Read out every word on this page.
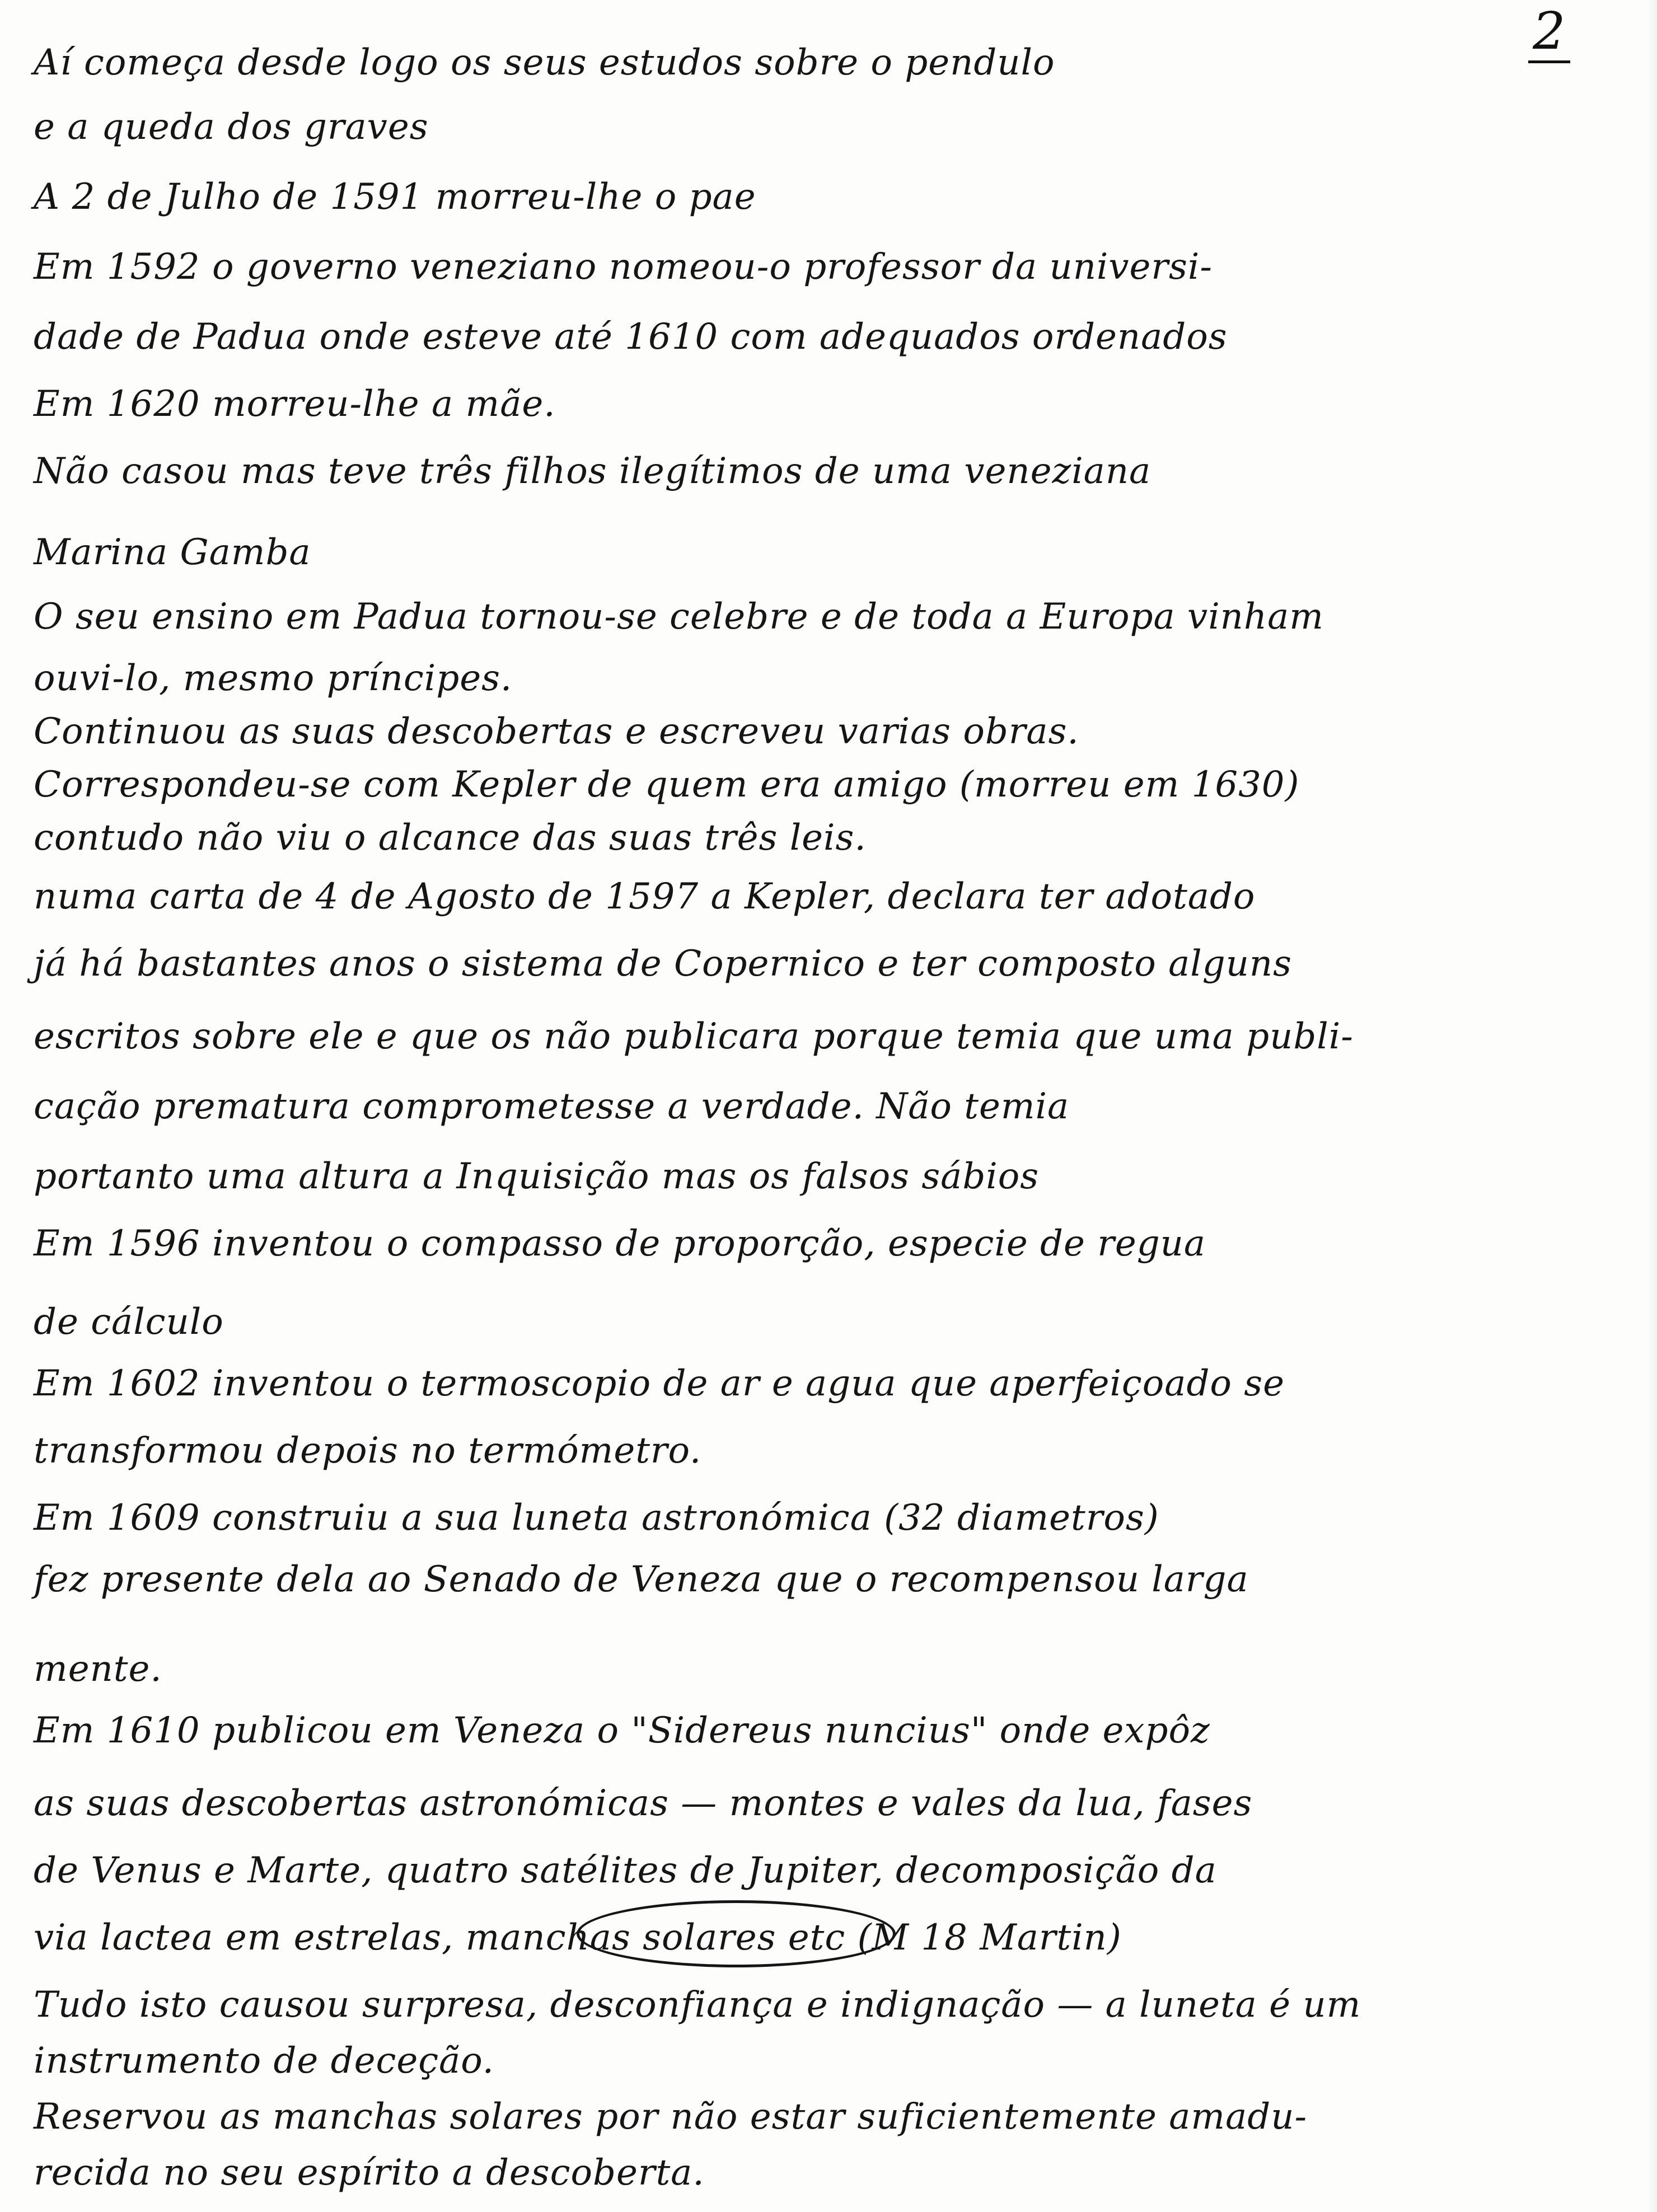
2
Aí começa desde logo os seus estudos sobre o pendulo
e a queda dos graves
A 2 de Julho de 1591 morreu-lhe o pae
Em 1592 o governo veneziano nomeou-o professor da universi-
dade de Padua onde esteve até 1610 com adequados ordenados
Em 1620 morreu-lhe a mãe.
Não casou mas teve três filhos ilegítimos de uma veneziana
Marina Gamba
O seu ensino em Padua tornou-se celebre e de toda a Europa vinham
ouvi-lo, mesmo príncipes.
Continuou as suas descobertas e escreveu varias obras.
Correspondeu-se com Kepler de quem era amigo (morreu em 1630)
contudo não viu o alcance das suas três leis.
numa carta de 4 de Agosto de 1597 a Kepler, declara ter adotado
já há bastantes anos o sistema de Copernico e ter composto alguns
escritos sobre ele e que os não publicara porque temia que uma publi-
cação prematura comprometesse a verdade. Não temia
portanto uma altura a Inquisição mas os falsos sábios
Em 1596 inventou o compasso de proporção, especie de regua
de cálculo
Em 1602 inventou o termoscopio de ar e agua que aperfeiçoado se
transformou depois no termómetro.
Em 1609 construiu a sua luneta astronómica (32 diametros)
fez presente dela ao Senado de Veneza que o recompensou larga
mente.
Em 1610 publicou em Veneza o "Sidereus nuncius" onde expôz
as suas descobertas astronómicas — montes e vales da lua, fases
de Venus e Marte, quatro satélites de Jupiter, decomposição da
via lactea em estrelas, manchas solares etc (M 18 Martin)
Tudo isto causou surpresa, desconfiança e indignação — a luneta é um
instrumento de deceção.
Reservou as manchas solares por não estar suficientemente amadu-
recida no seu espírito a descoberta.
